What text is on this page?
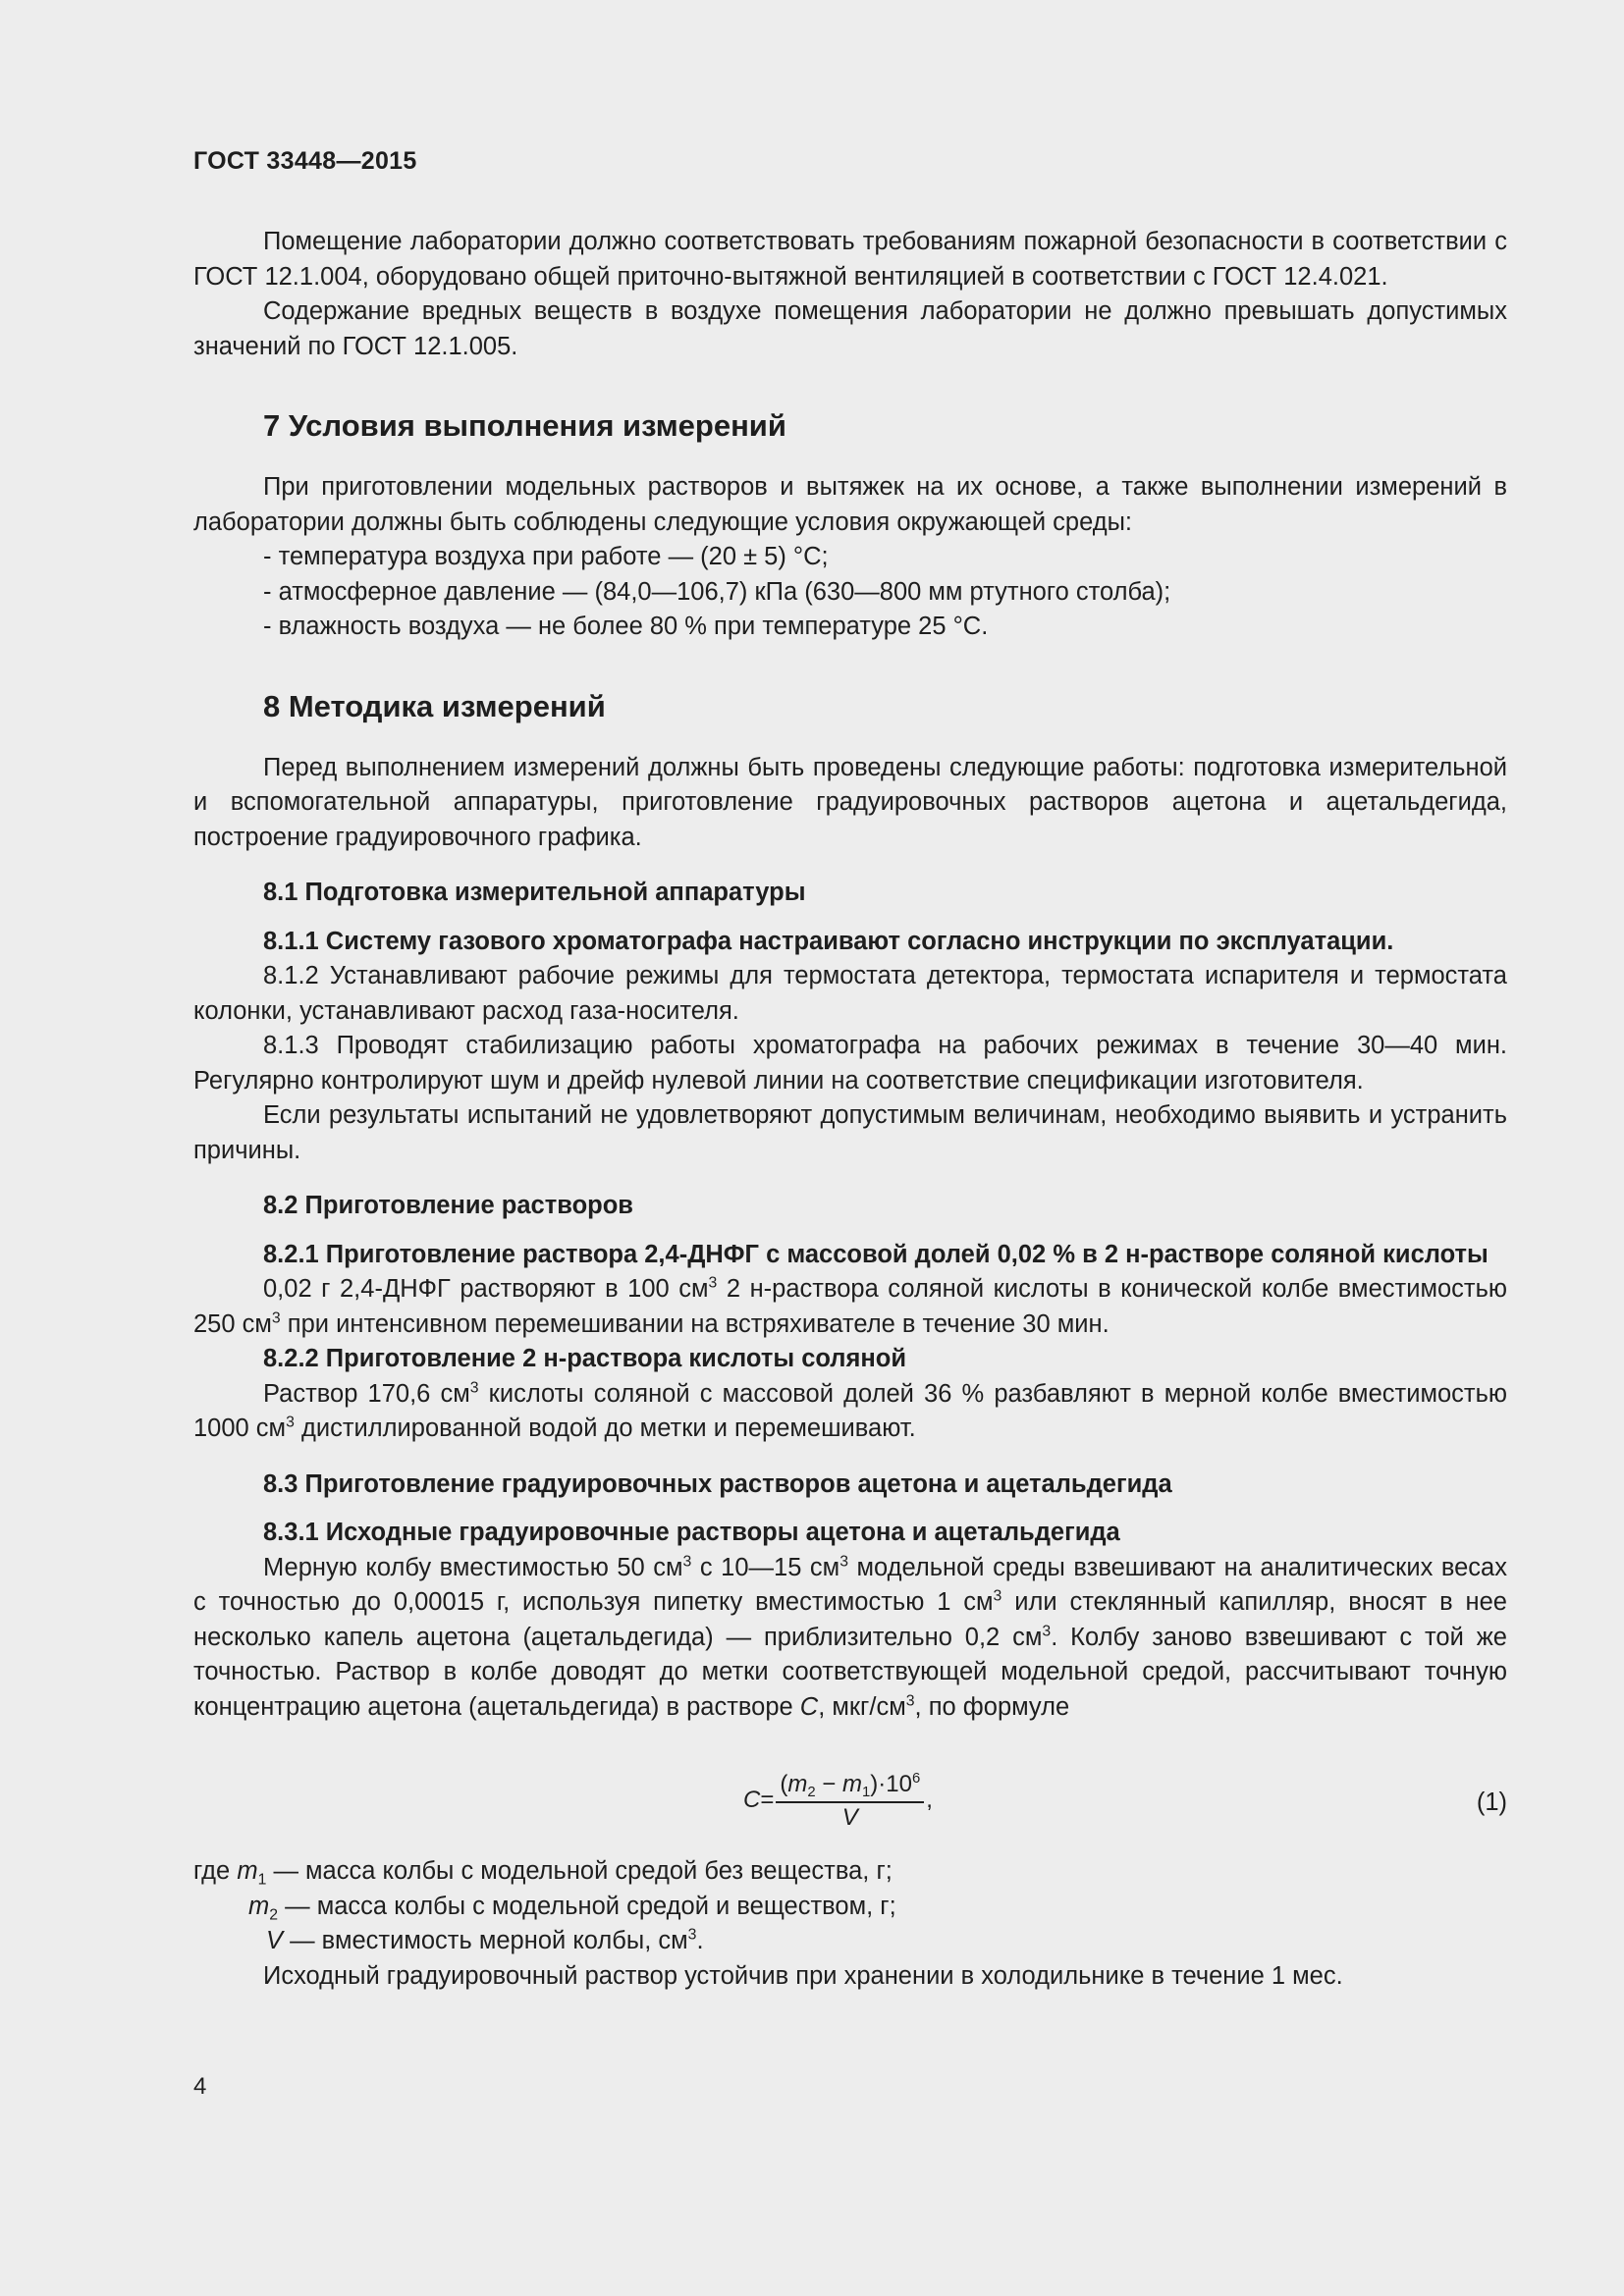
ГОСТ 33448—2015

Помещение лаборатории должно соответствовать требованиям пожарной безопасности в соответствии с ГОСТ 12.1.004, оборудовано общей приточно-вытяжной вентиляцией в соответствии с ГОСТ 12.4.021.

Содержание вредных веществ в воздухе помещения лаборатории не должно превышать допустимых значений по ГОСТ 12.1.005.

7 Условия выполнения измерений

При приготовлении модельных растворов и вытяжек на их основе, а также выполнении измерений в лаборатории должны быть соблюдены следующие условия окружающей среды:

- температура воздуха при работе — (20 ± 5) °С;

- атмосферное давление — (84,0—106,7) кПа (630—800 мм ртутного столба);

- влажность воздуха — не более 80 % при температуре 25 °С.

8 Методика измерений

Перед выполнением измерений должны быть проведены следующие работы: подготовка измерительной и вспомогательной аппаратуры, приготовление градуировочных растворов ацетона и ацетальдегида, построение градуировочного графика.

8.1 Подготовка измерительной аппаратуры

8.1.1 Систему газового хроматографа настраивают согласно инструкции по эксплуатации.

8.1.2 Устанавливают рабочие режимы для термостата детектора, термостата испарителя и термостата колонки, устанавливают расход газа-носителя.

8.1.3 Проводят стабилизацию работы хроматографа на рабочих режимах в течение 30—40 мин. Регулярно контролируют шум и дрейф нулевой линии на соответствие спецификации изготовителя.

Если результаты испытаний не удовлетворяют допустимым величинам, необходимо выявить и устранить причины.

8.2 Приготовление растворов

8.2.1 Приготовление раствора 2,4-ДНФГ с массовой долей 0,02 % в 2 н-растворе соляной кислоты

0,02 г 2,4-ДНФГ растворяют в 100 $см^3$ 2 н-раствора соляной кислоты в конической колбе вместимостью 250 $см^3$ при интенсивном перемешивании на встряхивателе в течение 30 мин.

8.2.2 Приготовление 2 н-раствора кислоты соляной

Раствор 170,6 $см^3$ кислоты соляной с массовой долей 36 % разбавляют в мерной колбе вместимостью 1000 $см^3$ дистиллированной водой до метки и перемешивают.

8.3 Приготовление градуировочных растворов ацетона и ацетальдегида

8.3.1 Исходные градуировочные растворы ацетона и ацетальдегида

Мерную колбу вместимостью 50 $см^3$ с 10—15 $см^3$ модельной среды взвешивают на аналитических весах с точностью до 0,00015 г, используя пипетку вместимостью 1 $см^3$ или стеклянный капилляр, вносят в нее несколько капель ацетона (ацетальдегида) — приблизительно 0,2 $см^3$. Колбу заново взвешивают с той же точностью. Раствор в колбе доводят до метки соответствующей модельной средой, рассчитывают точную концентрацию ацетона (ацетальдегида) в растворе С, мкг/$см^3$, по формуле

$C = \frac{(m_2 - m_1)\cdot 10^6}{V}$ ,	(1)

где $m_1$ — масса колбы с модельной средой без вещества, г;

$m_2$ — масса колбы с модельной средой и веществом, г;

V — вместимость мерной колбы, $см^3$.

Исходный градуировочный раствор устойчив при хранении в холодильнике в течение 1 мес.

4
